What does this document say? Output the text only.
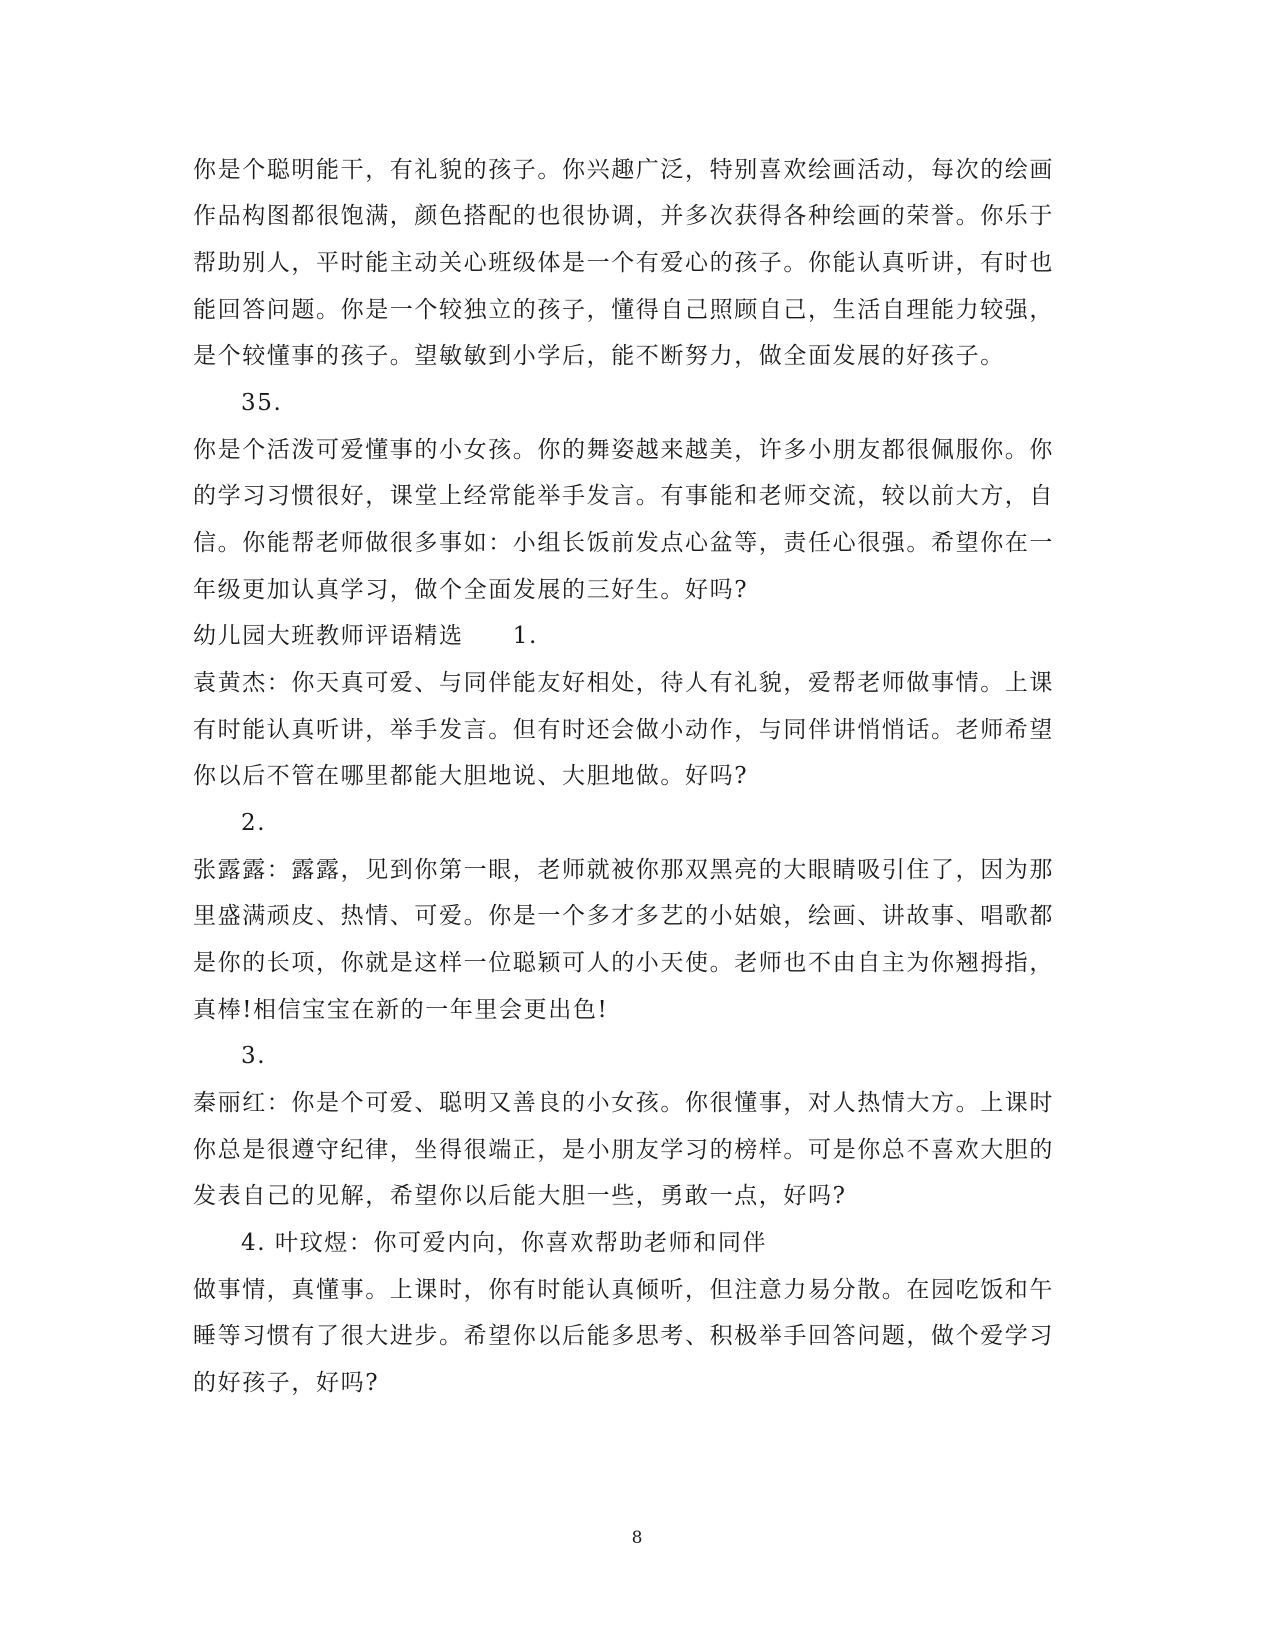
你是个聪明能干，有礼貌的孩子。你兴趣广泛，特别喜欢绘画活动，每次的绘画
作品构图都很饱满，颜色搭配的也很协调，并多次获得各种绘画的荣誉。你乐于
帮助别人，平时能主动关心班级体是一个有爱心的孩子。你能认真听讲，有时也
能回答问题。你是一个较独立的孩子，懂得自己照顾自己，生活自理能力较强，
是个较懂事的孩子。望敏敏到小学后，能不断努力，做全面发展的好孩子。
35.
你是个活泼可爱懂事的小女孩。你的舞姿越来越美，许多小朋友都很佩服你。你
的学习习惯很好，课堂上经常能举手发言。有事能和老师交流，较以前大方，自
信。你能帮老师做很多事如：小组长饭前发点心盆等，责任心很强。希望你在一
年级更加认真学习，做个全面发展的三好生。好吗?
幼儿园大班教师评语精选　　1.
袁黄杰：你天真可爱、与同伴能友好相处，待人有礼貌，爱帮老师做事情。上课
有时能认真听讲，举手发言。但有时还会做小动作，与同伴讲悄悄话。老师希望
你以后不管在哪里都能大胆地说、大胆地做。好吗?
2.
张露露：露露，见到你第一眼，老师就被你那双黑亮的大眼睛吸引住了，因为那
里盛满顽皮、热情、可爱。你是一个多才多艺的小姑娘，绘画、讲故事、唱歌都
是你的长项，你就是这样一位聪颖可人的小天使。老师也不由自主为你翘拇指，
真棒!相信宝宝在新的一年里会更出色!
3.
秦丽红：你是个可爱、聪明又善良的小女孩。你很懂事，对人热情大方。上课时
你总是很遵守纪律，坐得很端正，是小朋友学习的榜样。可是你总不喜欢大胆的
发表自己的见解，希望你以后能大胆一些，勇敢一点，好吗?
4. 叶玟煜：你可爱内向，你喜欢帮助老师和同伴
做事情，真懂事。上课时，你有时能认真倾听，但注意力易分散。在园吃饭和午
睡等习惯有了很大进步。希望你以后能多思考、积极举手回答问题，做个爱学习
的好孩子，好吗?
8
